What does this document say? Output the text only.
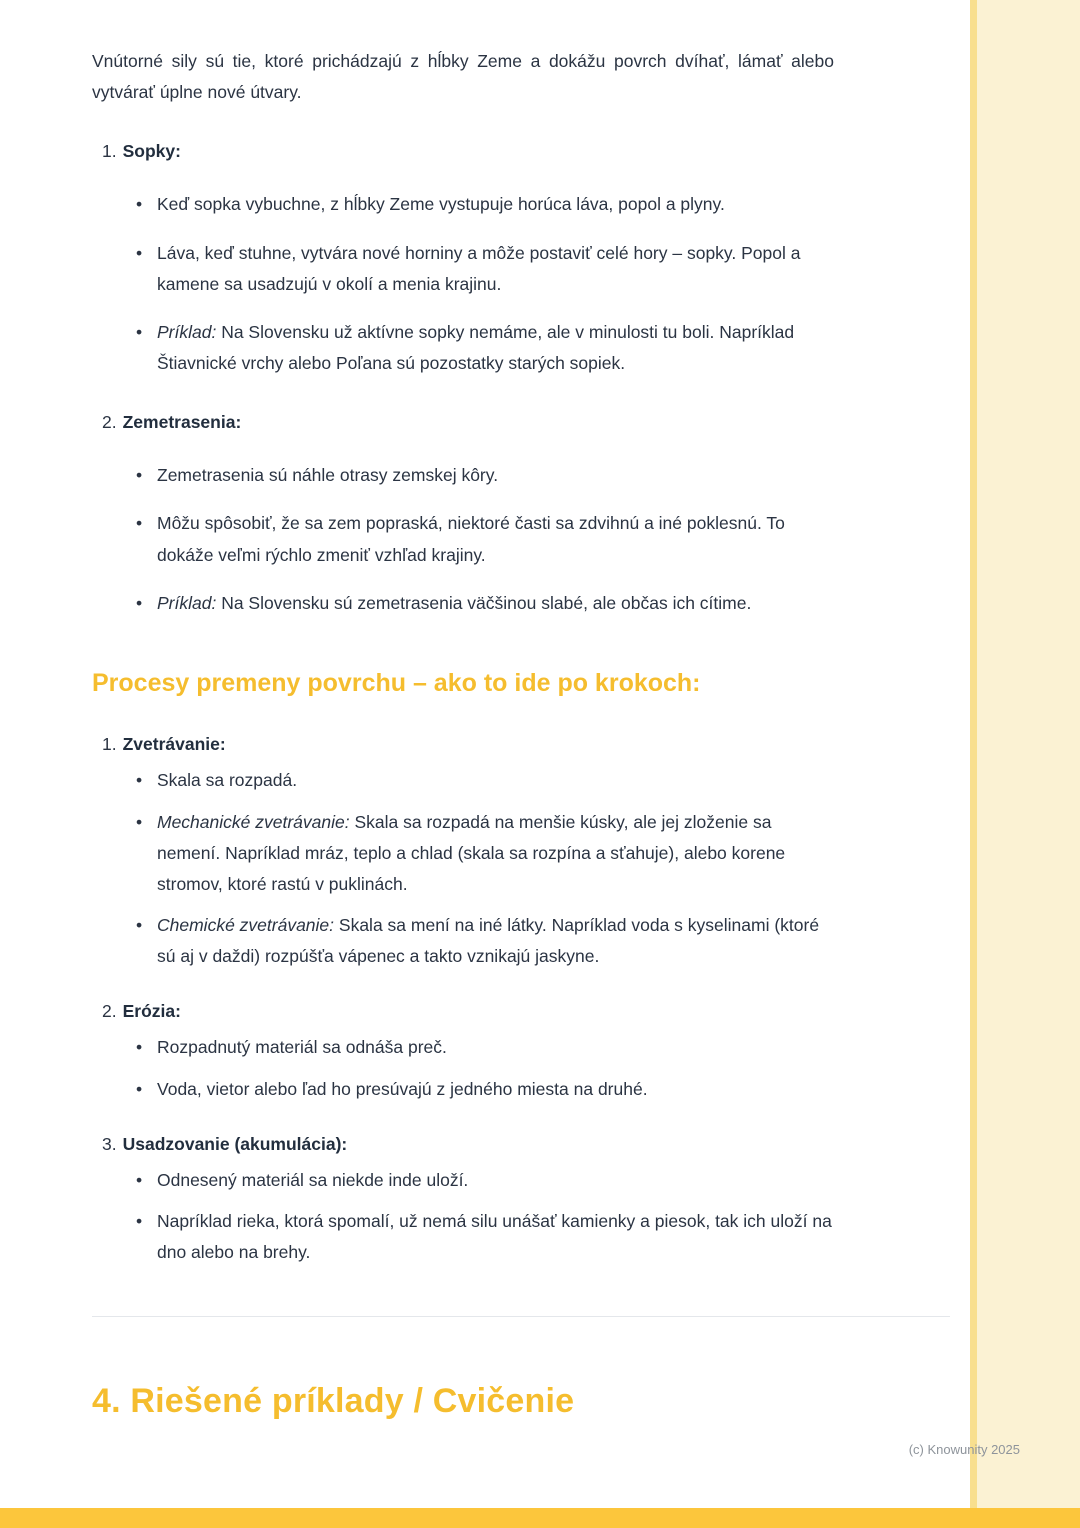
Vnútorné sily sú tie, ktoré prichádzajú z hĺbky Zeme a dokážu povrch dvíhať, lámať alebo vytvárať úplne nové útvary.

1. Sopky:
• Keď sopka vybuchne, z hĺbky Zeme vystupuje horúca láva, popol a plyny.
• Láva, keď stuhne, vytvára nové horniny a môže postaviť celé hory – sopky. Popol a kamene sa usadzujú v okolí a menia krajinu.
• Príklad: Na Slovensku už aktívne sopky nemáme, ale v minulosti tu boli. Napríklad Štiavnické vrchy alebo Poľana sú pozostatky starých sopiek.
2. Zemetrasenia:
• Zemetrasenia sú náhle otrasy zemskej kôry.
• Môžu spôsobiť, že sa zem popraská, niektoré časti sa zdvihnú a iné poklesnú. To dokáže veľmi rýchlo zmeniť vzhľad krajiny.
• Príklad: Na Slovensku sú zemetrasenia väčšinou slabé, ale občas ich cítime.
Procesy premeny povrchu – ako to ide po krokoch:
1. Zvetrávanie:
• Skala sa rozpadá.
• Mechanické zvetrávanie: Skala sa rozpadá na menšie kúsky, ale jej zloženie sa nemení. Napríklad mráz, teplo a chlad (skala sa rozpína a sťahuje), alebo korene stromov, ktoré rastú v puklinách.
• Chemické zvetrávanie: Skala sa mení na iné látky. Napríklad voda s kyselinami (ktoré sú aj v daždi) rozpúšťa vápenec a takto vznikajú jaskyne.
2. Erózia:
• Rozpadnutý materiál sa odnáša preč.
• Voda, vietor alebo ľad ho presúvajú z jedného miesta na druhé.
3. Usadzovanie (akumulácia):
• Odnesený materiál sa niekde inde uloží.
• Napríklad rieka, ktorá spomalí, už nemá silu unášať kamienky a piesok, tak ich uloží na dno alebo na brehy.
4. Riešené príklady / Cvičenie
(c) Knowunity 2025
